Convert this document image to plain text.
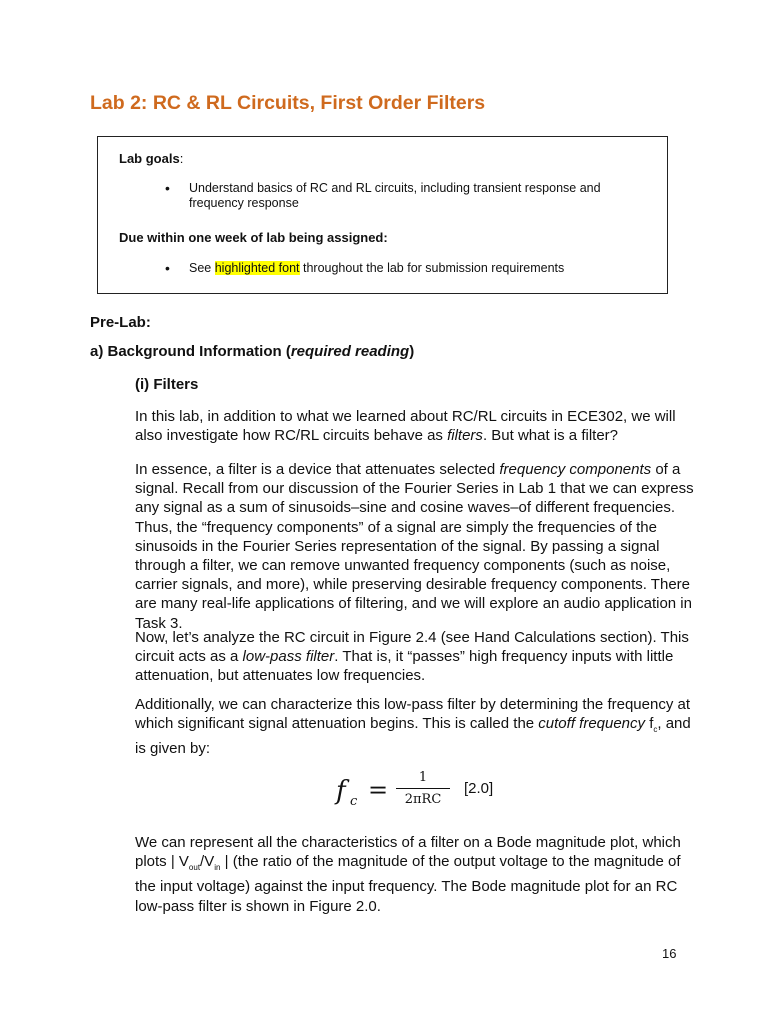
Lab 2: RC & RL Circuits, First Order Filters
Lab goals:
• Understand basics of RC and RL circuits, including transient response and frequency response
Due within one week of lab being assigned:
• See highlighted font throughout the lab for submission requirements
Pre-Lab:
a) Background Information (required reading)
(i) Filters

In this lab, in addition to what we learned about RC/RL circuits in ECE302, we will also investigate how RC/RL circuits behave as filters. But what is a filter?

In essence, a filter is a device that attenuates selected frequency components of a signal. Recall from our discussion of the Fourier Series in Lab 1 that we can express any signal as a sum of sinusoids–sine and cosine waves–of different frequencies. Thus, the “frequency components” of a signal are simply the frequencies of the sinusoids in the Fourier Series representation of the signal. By passing a signal through a filter, we can remove unwanted frequency components (such as noise, carrier signals, and more), while preserving desirable frequency components. There are many real-life applications of filtering, and we will explore an audio application in Task 3.

Now, let’s analyze the RC circuit in Figure 2.4 (see Hand Calculations section). This circuit acts as a low-pass filter. That is, it “passes” high frequency inputs with little attenuation, but attenuates low frequencies.

Additionally, we can characterize this low-pass filter by determining the frequency at which significant signal attenuation begins. This is called the cutoff frequency $f_c$, and is given by:

f c =	1
2πRC
[2.0]

We can represent all the characteristics of a filter on a Bode magnitude plot, which plots | $V_{out}/V_{in}$ | (the ratio of the magnitude of the output voltage to the magnitude of the input voltage) against the input frequency. The Bode magnitude plot for an RC low-pass filter is shown in Figure 2.0.

16
